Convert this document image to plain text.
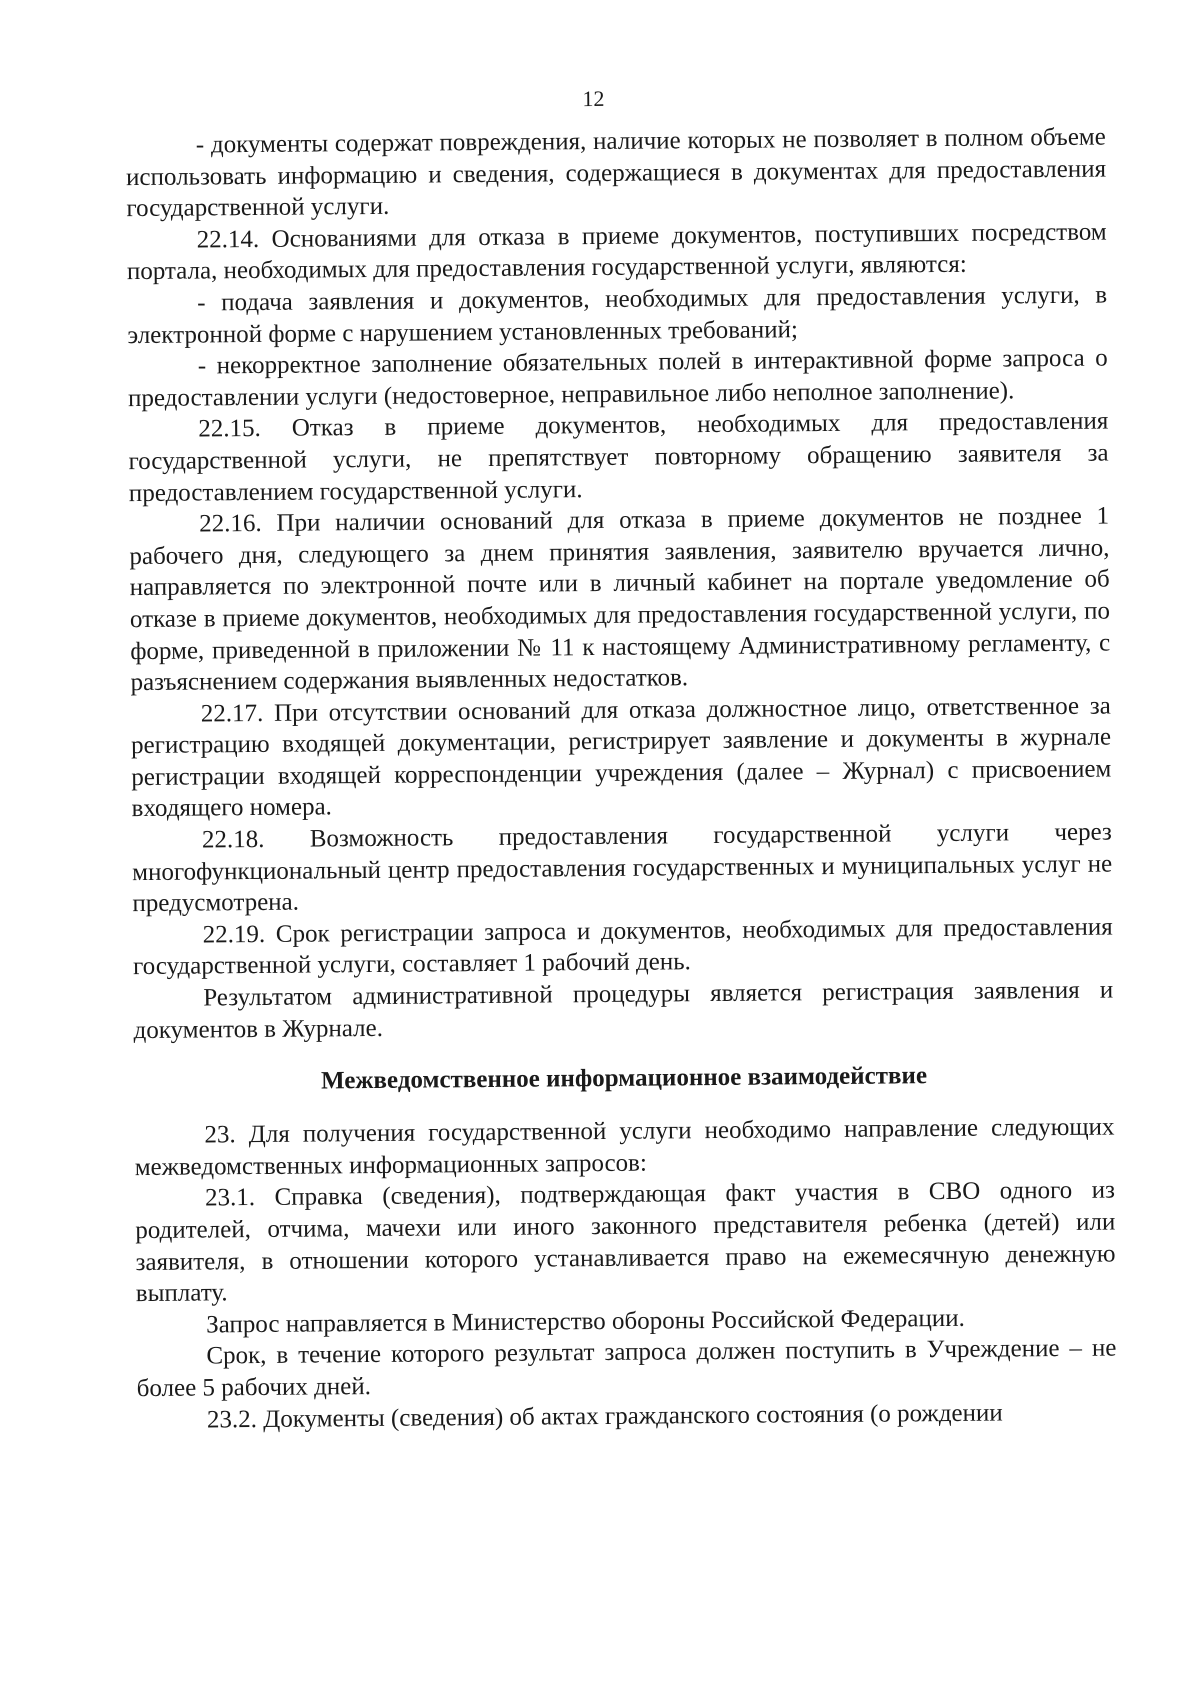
12

- документы содержат повреждения, наличие которых не позволяет в полном объеме использовать информацию и сведения, содержащиеся в документах для предоставления государственной услуги.

22.14. Основаниями для отказа в приеме документов, поступивших посредством портала, необходимых для предоставления государственной услуги, являются:

- подача заявления и документов, необходимых для предоставления услуги, в электронной форме с нарушением установленных требований;

- некорректное заполнение обязательных полей в интерактивной форме запроса о предоставлении услуги (недостоверное, неправильное либо неполное заполнение).

22.15. Отказ в приеме документов, необходимых для предоставления государственной услуги, не препятствует повторному обращению заявителя за предоставлением государственной услуги.

22.16. При наличии оснований для отказа в приеме документов не позднее 1 рабочего дня, следующего за днем принятия заявления, заявителю вручается лично, направляется по электронной почте или в личный кабинет на портале уведомление об отказе в приеме документов, необходимых для предоставления государственной услуги, по форме, приведенной в приложении № 11 к настоящему Административному регламенту, с разъяснением содержания выявленных недостатков.

22.17. При отсутствии оснований для отказа должностное лицо, ответственное за регистрацию входящей документации, регистрирует заявление и документы в журнале регистрации входящей корреспонденции учреждения (далее – Журнал) с присвоением входящего номера.

22.18. Возможность предоставления государственной услуги через многофункциональный центр предоставления государственных и муниципальных услуг не предусмотрена.

22.19. Срок регистрации запроса и документов, необходимых для предоставления государственной услуги, составляет 1 рабочий день.

Результатом административной процедуры является регистрация заявления и документов в Журнале.

Межведомственное информационное взаимодействие

23. Для получения государственной услуги необходимо направление следующих межведомственных информационных запросов:

23.1. Справка (сведения), подтверждающая факт участия в СВО одного из родителей, отчима, мачехи или иного законного представителя ребенка (детей) или заявителя, в отношении которого устанавливается право на ежемесячную денежную выплату.

Запрос направляется в Министерство обороны Российской Федерации.

Срок, в течение которого результат запроса должен поступить в Учреждение – не более 5 рабочих дней.

23.2. Документы (сведения) об актах гражданского состояния (о рождении
